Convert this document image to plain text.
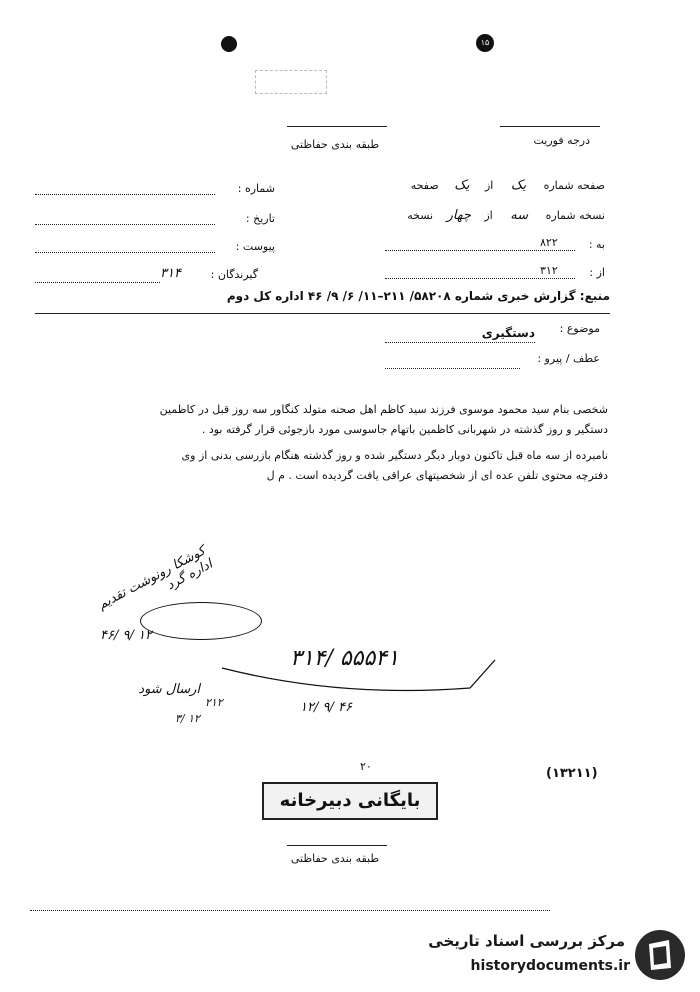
۱۵
طبقه بندی حفاظتی	درجه فوریت
شماره :
تاریخ :
پیوست :
گیرندگان :
۳۱۴
صفحه شماره یک از یک صفحه
نسخه شماره سه از چهار نسخه
به :
۸۲۲
از :
۳۱۲
منبع: گزارش خبری شماره ۵۸۲۰۸/ ۲۱۱–۱۱/ ۶/ ۹/ ۴۶ اداره کل دوم
موضوع :
دستگیری
عطف / پیرو :
شخصی بنام سید محمود موسوی فرزند سید کاظم اهل صحنه متولد کنگاور سه روز قبل در کاظمین
دستگیر و روز گذشته در شهربانی کاظمین باتهام جاسوسی مورد بازجوئی قرار گرفته بود .
نامبرده از سه ماه قبل تاکنون دوبار دیگر دستگیر شده و روز گذشته هنگام بازرسی بدنی از وی
دفترچه محتوی تلفن عده ای از شخصیتهای عراقی یافت گردیده است . م ل
کوشکا رونوشت تقدیم اداره گرد
۴۶/ ۹/ ۱۲
۳۱۴/ ۵۵۵۴۱
۱۲/ ۹/ ۴۶
ارسال شود
۲۱۲
۳/ ۱۲
(۱۳۲۱۱)
۲۰
بایگانی دبیرخانه
طبقه بندی حفاظتی
مرکز بررسی اسناد تاریخی
historydocuments.ir
